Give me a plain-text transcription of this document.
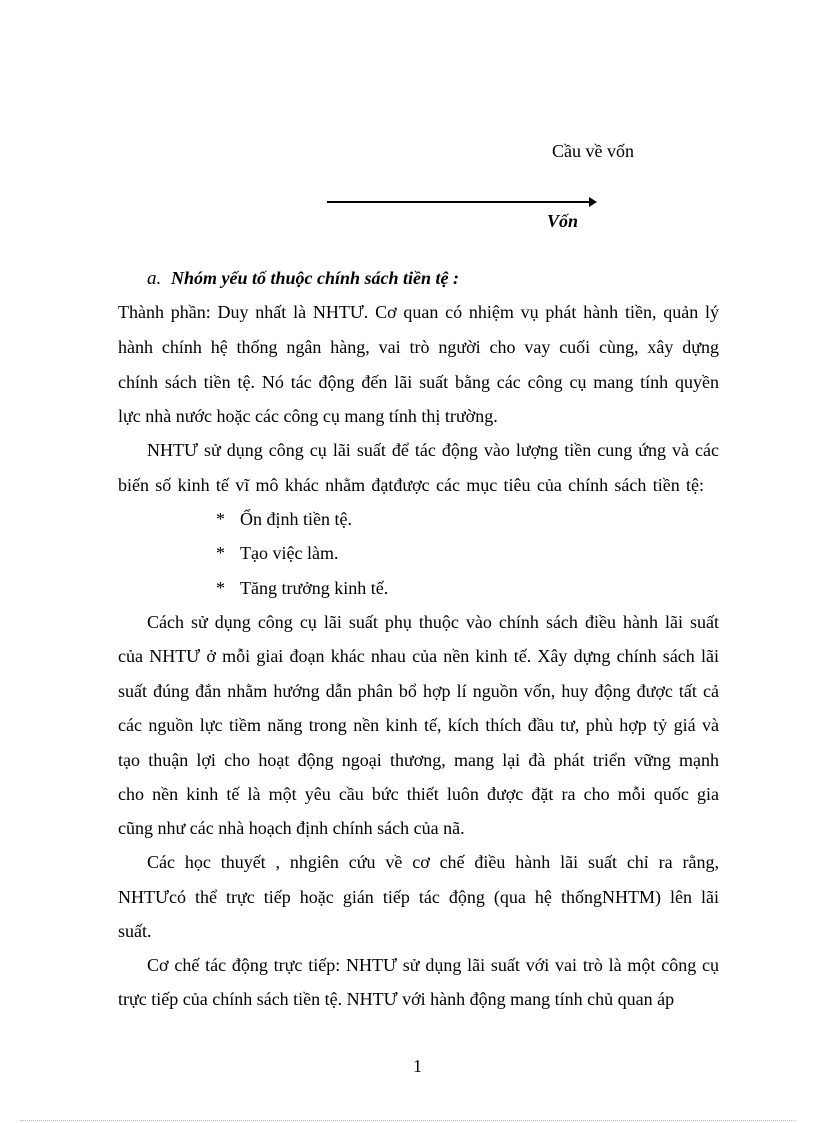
Cầu về vốn
Vốn
a. Nhóm yếu tố thuộc chính sách tiền tệ :
Thành phần: Duy nhất là NHTƯ. Cơ quan có nhiệm vụ phát hành tiền, quản lý
hành chính hệ thống ngân hàng, vai trò người cho vay cuối cùng, xây dựng
chính sách tiền tệ. Nó tác động đến lãi suất bằng các công cụ mang tính quyền
lực nhà nước hoặc các công cụ mang tính thị trường.
NHTƯ sử dụng công cụ lãi suất để tác động vào lượng tiền cung ứng và các
biến số kinh tế vĩ mô khác nhằm đạtđược các mục tiêu của chính sách tiền tệ:
* Ổn định tiền tệ.
* Tạo việc làm.
* Tăng trưởng kinh tế.
Cách sử dụng công cụ lãi suất phụ thuộc vào chính sách điều hành lãi suất
của NHTƯ ở mỗi giai đoạn khác nhau của nền kinh tế. Xây dựng chính sách lãi
suất đúng đắn nhằm hướng dẫn phân bổ hợp lí nguồn vốn, huy động được tất cả
các nguồn lực tiềm năng trong nền kinh tế, kích thích đầu tư, phù hợp tỷ giá và
tạo thuận lợi cho hoạt động ngoại thương, mang lại đà phát triển vững mạnh
cho nền kinh tế là một yêu cầu bức thiết luôn được đặt ra cho mỗi quốc gia
cũng như các nhà hoạch định chính sách của nã.
Các học thuyết , nhgiên cứu về cơ chế điều hành lãi suất chỉ ra rằng,
NHTƯcó thể trực tiếp hoặc gián tiếp tác động (qua hệ thốngNHTM) lên lãi
suất.
Cơ chế tác động trực tiếp: NHTƯ sử dụng lãi suất với vai trò là một công cụ
trực tiếp của chính sách tiền tệ. NHTƯ với hành động mang tính chủ quan áp
1
